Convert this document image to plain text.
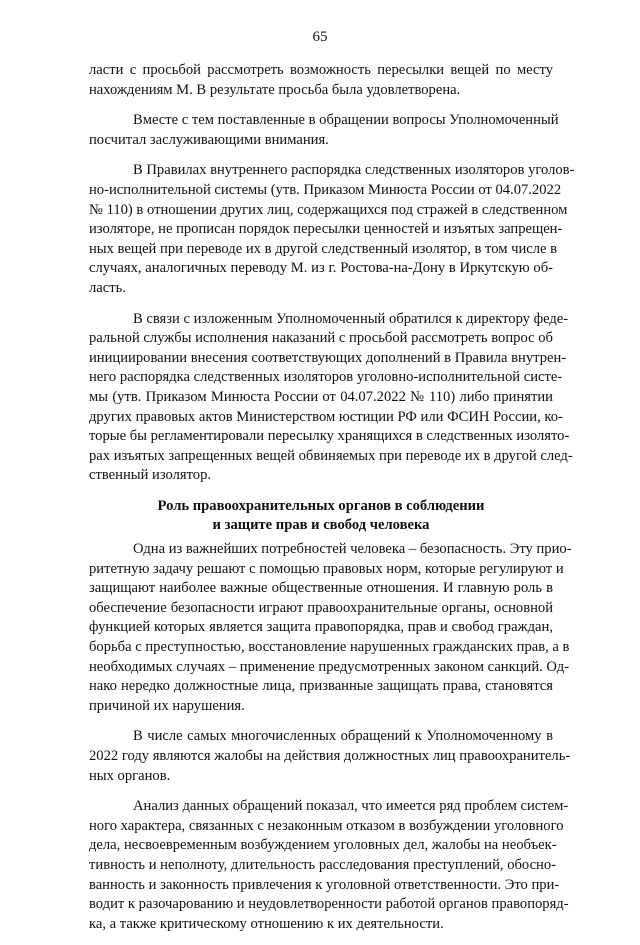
65
ласти с просьбой рассмотреть возможность пересылки вещей по месту
нахождениям М. В результате просьба была удовлетворена.
Вместе с тем поставленные в обращении вопросы Уполномоченный
посчитал заслуживающими внимания.
В Правилах внутреннего распорядка следственных изоляторов уголов-
но-исполнительной системы (утв. Приказом Минюста России от 04.07.2022
№ 110) в отношении других лиц, содержащихся под стражей в следственном
изоляторе, не прописан порядок пересылки ценностей и изъятых запрещен-
ных вещей при переводе их в другой следственный изолятор, в том числе в
случаях, аналогичных переводу М. из г. Ростова-на-Дону в Иркутскую об-
ласть.
В связи с изложенным Уполномоченный обратился к директору феде-
ральной службы исполнения наказаний с просьбой рассмотреть вопрос об
инициировании внесения соответствующих дополнений в Правила внутрен-
него распорядка следственных изоляторов уголовно-исполнительной систе-
мы (утв. Приказом Минюста России от 04.07.2022 № 110) либо принятии
других правовых актов Министерством юстиции РФ или ФСИН России, ко-
торые бы регламентировали пересылку хранящихся в следственных изолято-
рах изъятых запрещенных вещей обвиняемых при переводе их в другой след-
ственный изолятор.
Роль правоохранительных органов в соблюдении
и защите прав и свобод человека
Одна из важнейших потребностей человека – безопасность. Эту прио-
ритетную задачу решают с помощью правовых норм, которые регулируют и
защищают наиболее важные общественные отношения. И главную роль в
обеспечение безопасности играют правоохранительные органы, основной
функцией которых является защита правопорядка, прав и свобод граждан,
борьба с преступностью, восстановление нарушенных гражданских прав, а в
необходимых случаях – применение предусмотренных законом санкций. Од-
нако нередко должностные лица, призванные защищать права, становятся
причиной их нарушения.
В числе самых многочисленных обращений к Уполномоченному в
2022 году являются жалобы на действия должностных лиц правоохранитель-
ных органов.
Анализ данных обращений показал, что имеется ряд проблем систем-
ного характера, связанных с незаконным отказом в возбуждении уголовного
дела, несвоевременным возбуждением уголовных дел, жалобы на необъек-
тивность и неполноту, длительность расследования преступлений, обосно-
ванность и законность привлечения к уголовной ответственности. Это при-
водит к разочарованию и неудовлетворенности работой органов правопоряд-
ка, а также критическому отношению к их деятельности.
